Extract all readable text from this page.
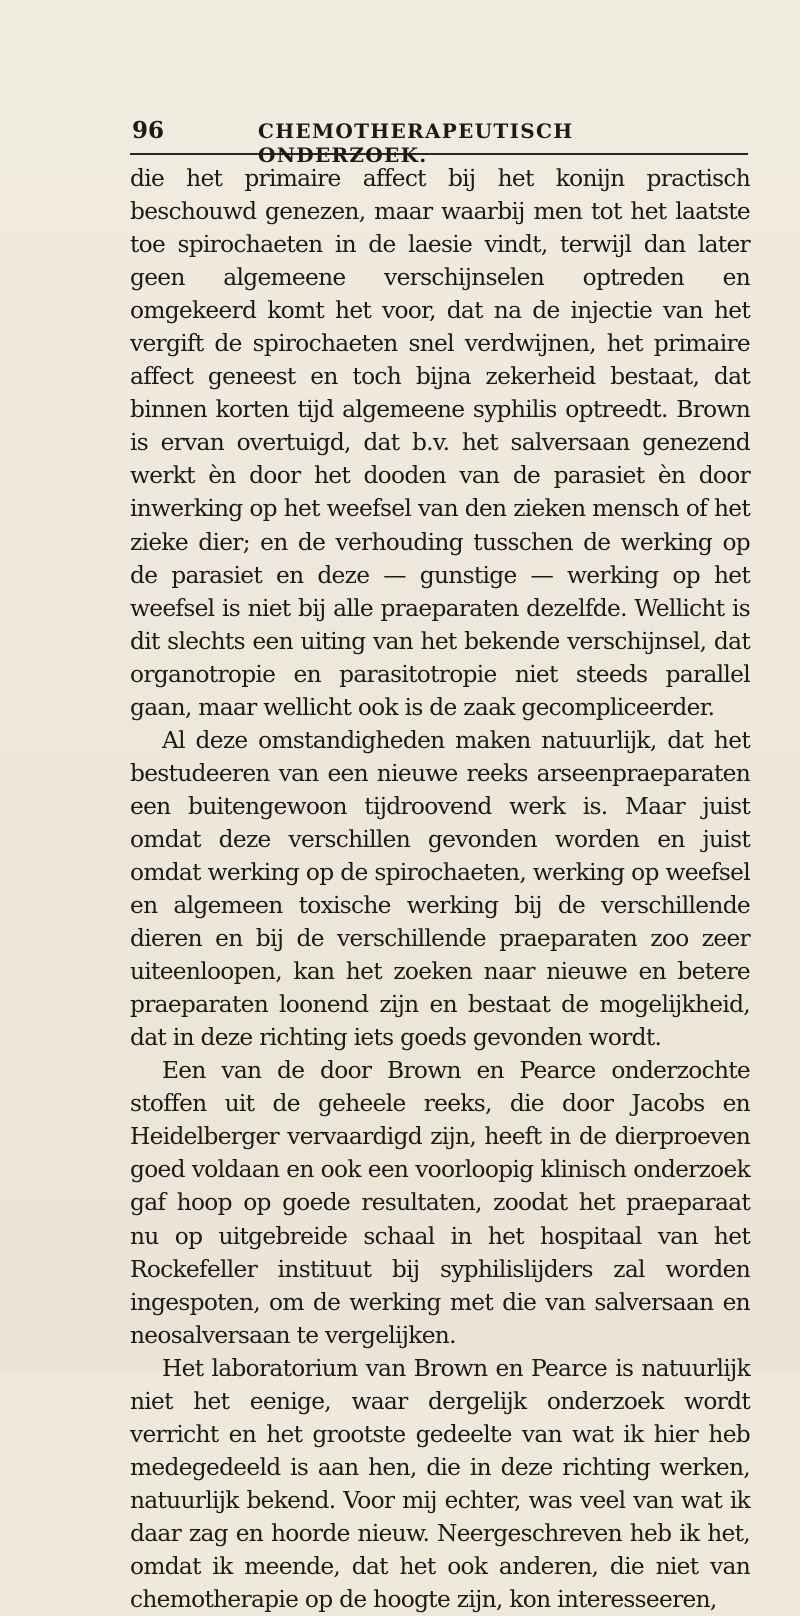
96	CHEMOTHERAPEUTISCH ONDERZOEK.

die het primaire affect bij het konijn practisch beschouwd genezen, maar waarbij men tot het laatste toe spirochaeten in de laesie vindt, terwijl dan later geen algemeene verschijnselen optreden en omgekeerd komt het voor, dat na de injectie van het vergift de spirochaeten snel verdwijnen, het primaire affect geneest en toch bijna zekerheid bestaat, dat binnen korten tijd algemeene syphilis optreedt. Brown is ervan overtuigd, dat b.v. het salversaan genezend werkt èn door het dooden van de parasiet èn door inwerking op het weefsel van den zieken mensch of het zieke dier; en de verhouding tusschen de werking op de parasiet en deze — gunstige — werking op het weefsel is niet bij alle praeparaten dezelfde. Wellicht is dit slechts een uiting van het bekende verschijnsel, dat organotropie en parasitotropie niet steeds parallel gaan, maar wellicht ook is de zaak gecompliceerder.

Al deze omstandigheden maken natuurlijk, dat het bestudeeren van een nieuwe reeks arseenpraeparaten een buitengewoon tijdroovend werk is. Maar juist omdat deze verschillen gevonden worden en juist omdat werking op de spirochaeten, werking op weefsel en algemeen toxische werking bij de verschillende dieren en bij de verschillende praeparaten zoo zeer uiteenloopen, kan het zoeken naar nieuwe en betere praeparaten loonend zijn en bestaat de mogelijkheid, dat in deze richting iets goeds gevonden wordt.

Een van de door Brown en Pearce onderzochte stoffen uit de geheele reeks, die door Jacobs en Heidelberger vervaardigd zijn, heeft in de dierproeven goed voldaan en ook een voorloopig klinisch onderzoek gaf hoop op goede resultaten, zoodat het praeparaat nu op uitgebreide schaal in het hospitaal van het Rockefeller instituut bij syphilislijders zal worden ingespoten, om de werking met die van salversaan en neosalversaan te vergelijken.

Het laboratorium van Brown en Pearce is natuurlijk niet het eenige, waar dergelijk onderzoek wordt verricht en het grootste gedeelte van wat ik hier heb medegedeeld is aan hen, die in deze richting werken, natuurlijk bekend. Voor mij echter, was veel van wat ik daar zag en hoorde nieuw. Neergeschreven heb ik het, omdat ik meende, dat het ook anderen, die niet van chemotherapie op de hoogte zijn, kon interesseeren,
